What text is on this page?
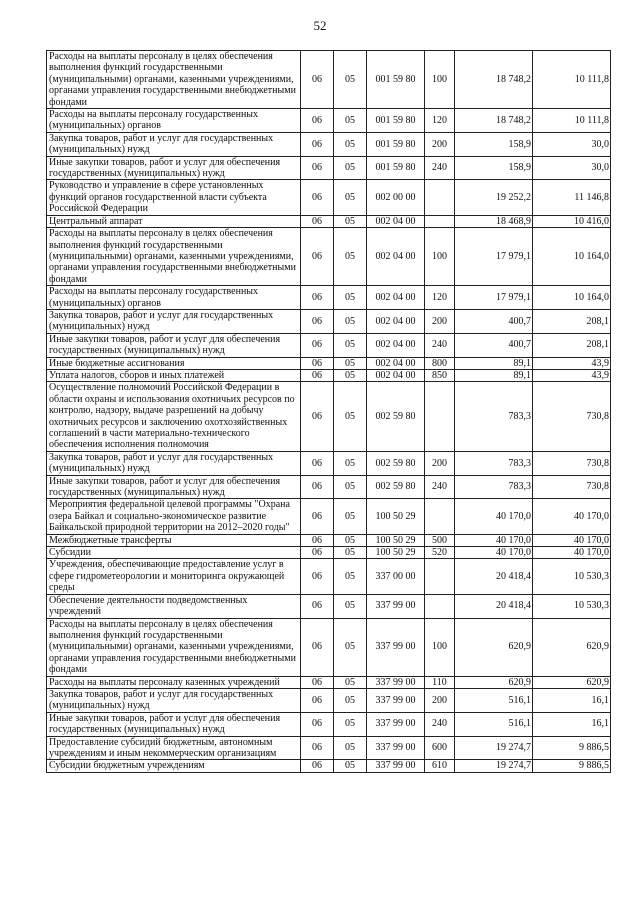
52
Расходы на выплаты персоналу в целях обеспечения выполнения функций государственными (муниципальными) органами, казенными учреждениями, органами управления государственными внебюджетными фондами	06	05	001 59 80	100	18 748,2	10 111,8
Расходы на выплаты персоналу государственных (муниципальных) органов	06	05	001 59 80	120	18 748,2	10 111,8
Закупка товаров, работ и услуг для государственных (муниципальных) нужд	06	05	001 59 80	200	158,9	30,0
Иные закупки товаров, работ и услуг для обеспечения государственных (муниципальных) нужд	06	05	001 59 80	240	158,9	30,0
Руководство и управление в сфере установленных функций органов государственной власти субъекта Российской Федерации	06	05	002 00 00		19 252,2	11 146,8
Центральный аппарат	06	05	002 04 00		18 468,9	10 416,0
Расходы на выплаты персоналу в целях обеспечения выполнения функций государственными (муниципальными) органами, казенными учреждениями, органами управления государственными внебюджетными фондами	06	05	002 04 00	100	17 979,1	10 164,0
Расходы на выплаты персоналу государственных (муниципальных) органов	06	05	002 04 00	120	17 979,1	10 164,0
Закупка товаров, работ и услуг для государственных (муниципальных) нужд	06	05	002 04 00	200	400,7	208,1
Иные закупки товаров, работ и услуг для обеспечения государственных (муниципальных) нужд	06	05	002 04 00	240	400,7	208,1
Иные бюджетные ассигнования	06	05	002 04 00	800	89,1	43,9
Уплата налогов, сборов и иных платежей	06	05	002 04 00	850	89,1	43,9
Осуществление полномочий Российской Федерации в области охраны и использования охотничьих ресурсов по контролю, надзору, выдаче разрешений на добычу охотничьих ресурсов и заключению охотхозяйственных соглашений в части материально-технического обеспечения исполнения полномочия	06	05	002 59 80		783,3	730,8
Закупка товаров, работ и услуг для государственных (муниципальных) нужд	06	05	002 59 80	200	783,3	730,8
Иные закупки товаров, работ и услуг для обеспечения государственных (муниципальных) нужд	06	05	002 59 80	240	783,3	730,8
Мероприятия федеральной целевой программы "Охрана озера Байкал и социально-экономическое развитие Байкальской природной территории на 2012–2020 годы"	06	05	100 50 29		40 170,0	40 170,0
Межбюджетные трансферты	06	05	100 50 29	500	40 170,0	40 170,0
Субсидии	06	05	100 50 29	520	40 170,0	40 170,0
Учреждения, обеспечивающие предоставление услуг в сфере гидрометеорологии и мониторинга окружающей среды	06	05	337 00 00		20 418,4	10 530,3
Обеспечение деятельности подведомственных учреждений	06	05	337 99 00		20 418,4	10 530,3
Расходы на выплаты персоналу в целях обеспечения выполнения функций государственными (муниципальными) органами, казенными учреждениями, органами управления государственными внебюджетными фондами	06	05	337 99 00	100	620,9	620,9
Расходы на выплаты персоналу казенных учреждений	06	05	337 99 00	110	620,9	620,9
Закупка товаров, работ и услуг для государственных (муниципальных) нужд	06	05	337 99 00	200	516,1	16,1
Иные закупки товаров, работ и услуг для обеспечения государственных (муниципальных) нужд	06	05	337 99 00	240	516,1	16,1
Предоставление субсидий бюджетным, автономным учреждениям и иным некоммерческим организациям	06	05	337 99 00	600	19 274,7	9 886,5
Субсидии бюджетным учреждениям	06	05	337 99 00	610	19 274,7	9 886,5
